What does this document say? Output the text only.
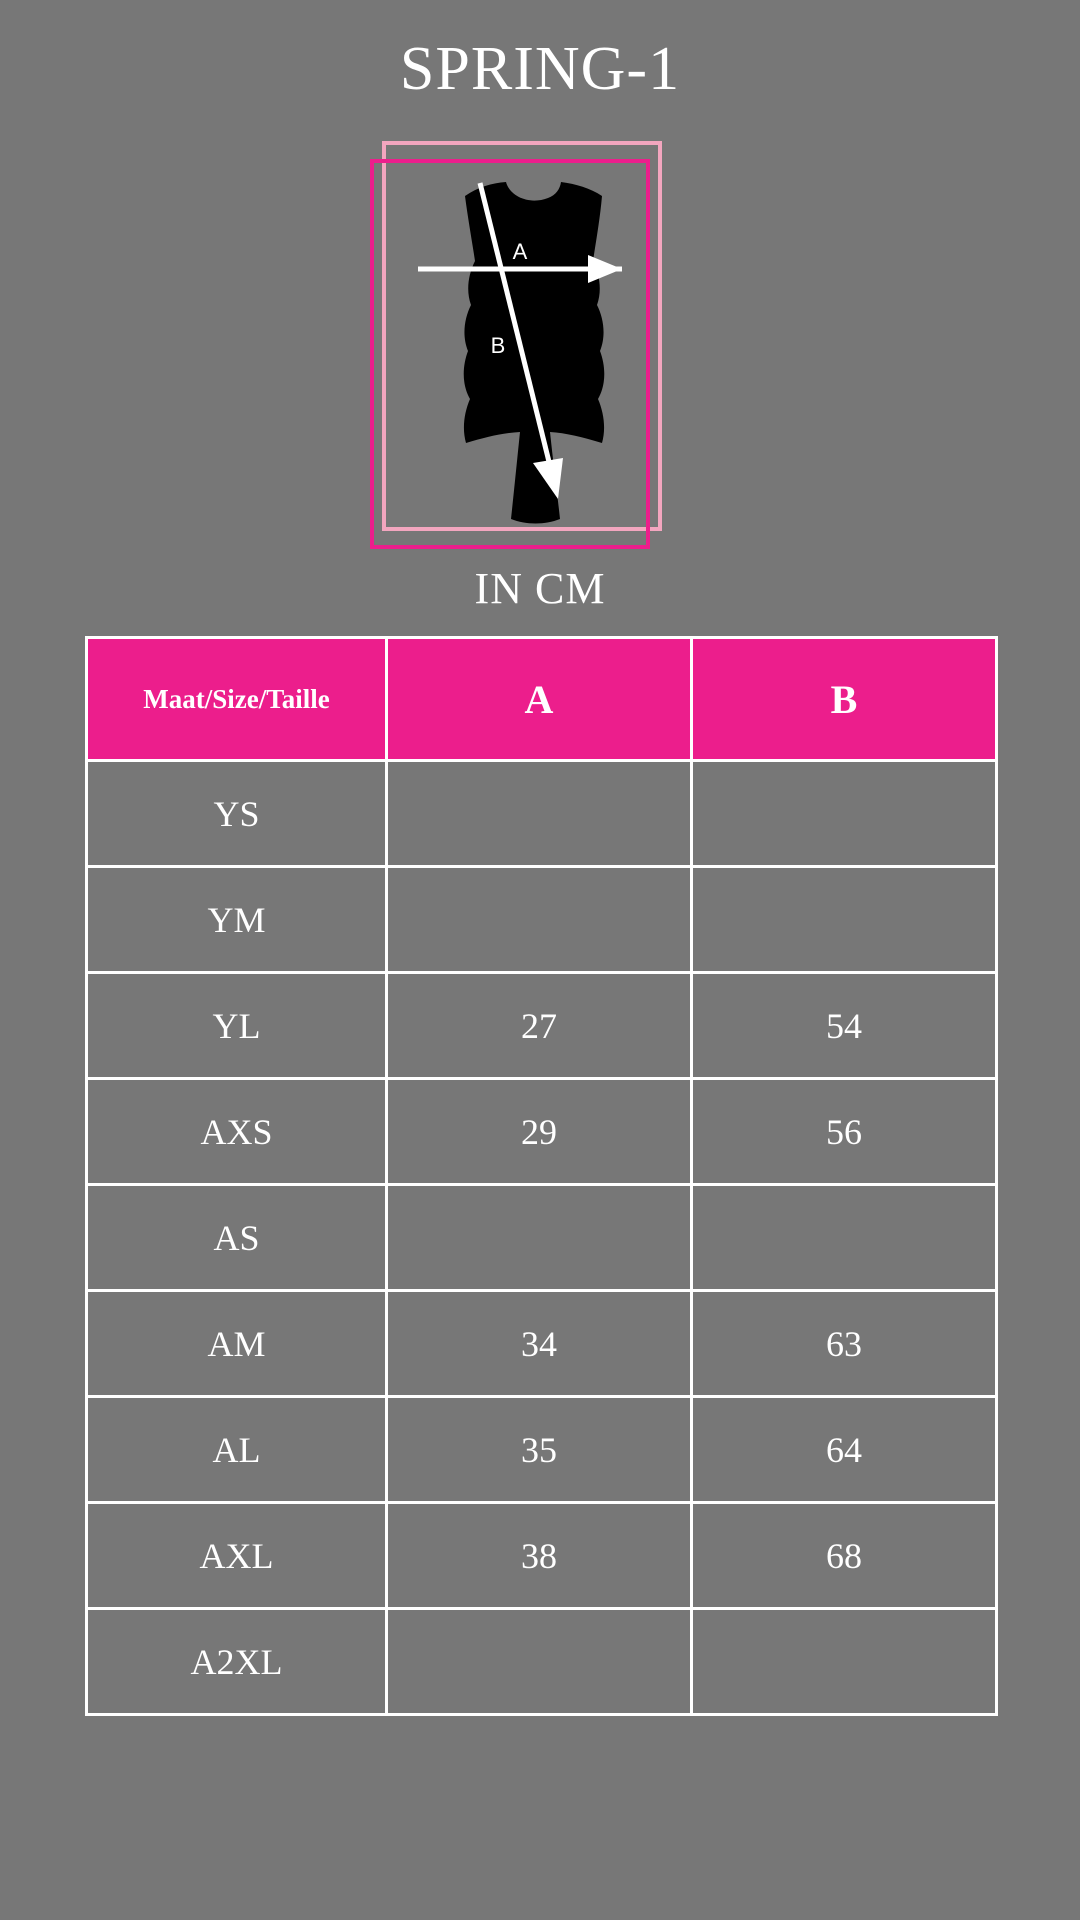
SPRING-1
A
B
IN CM
Maat/Size/Taille	A	B
YS		
YM		
YL	27	54
AXS	29	56
AS		
AM	34	63
AL	35	64
AXL	38	68
A2XL		
